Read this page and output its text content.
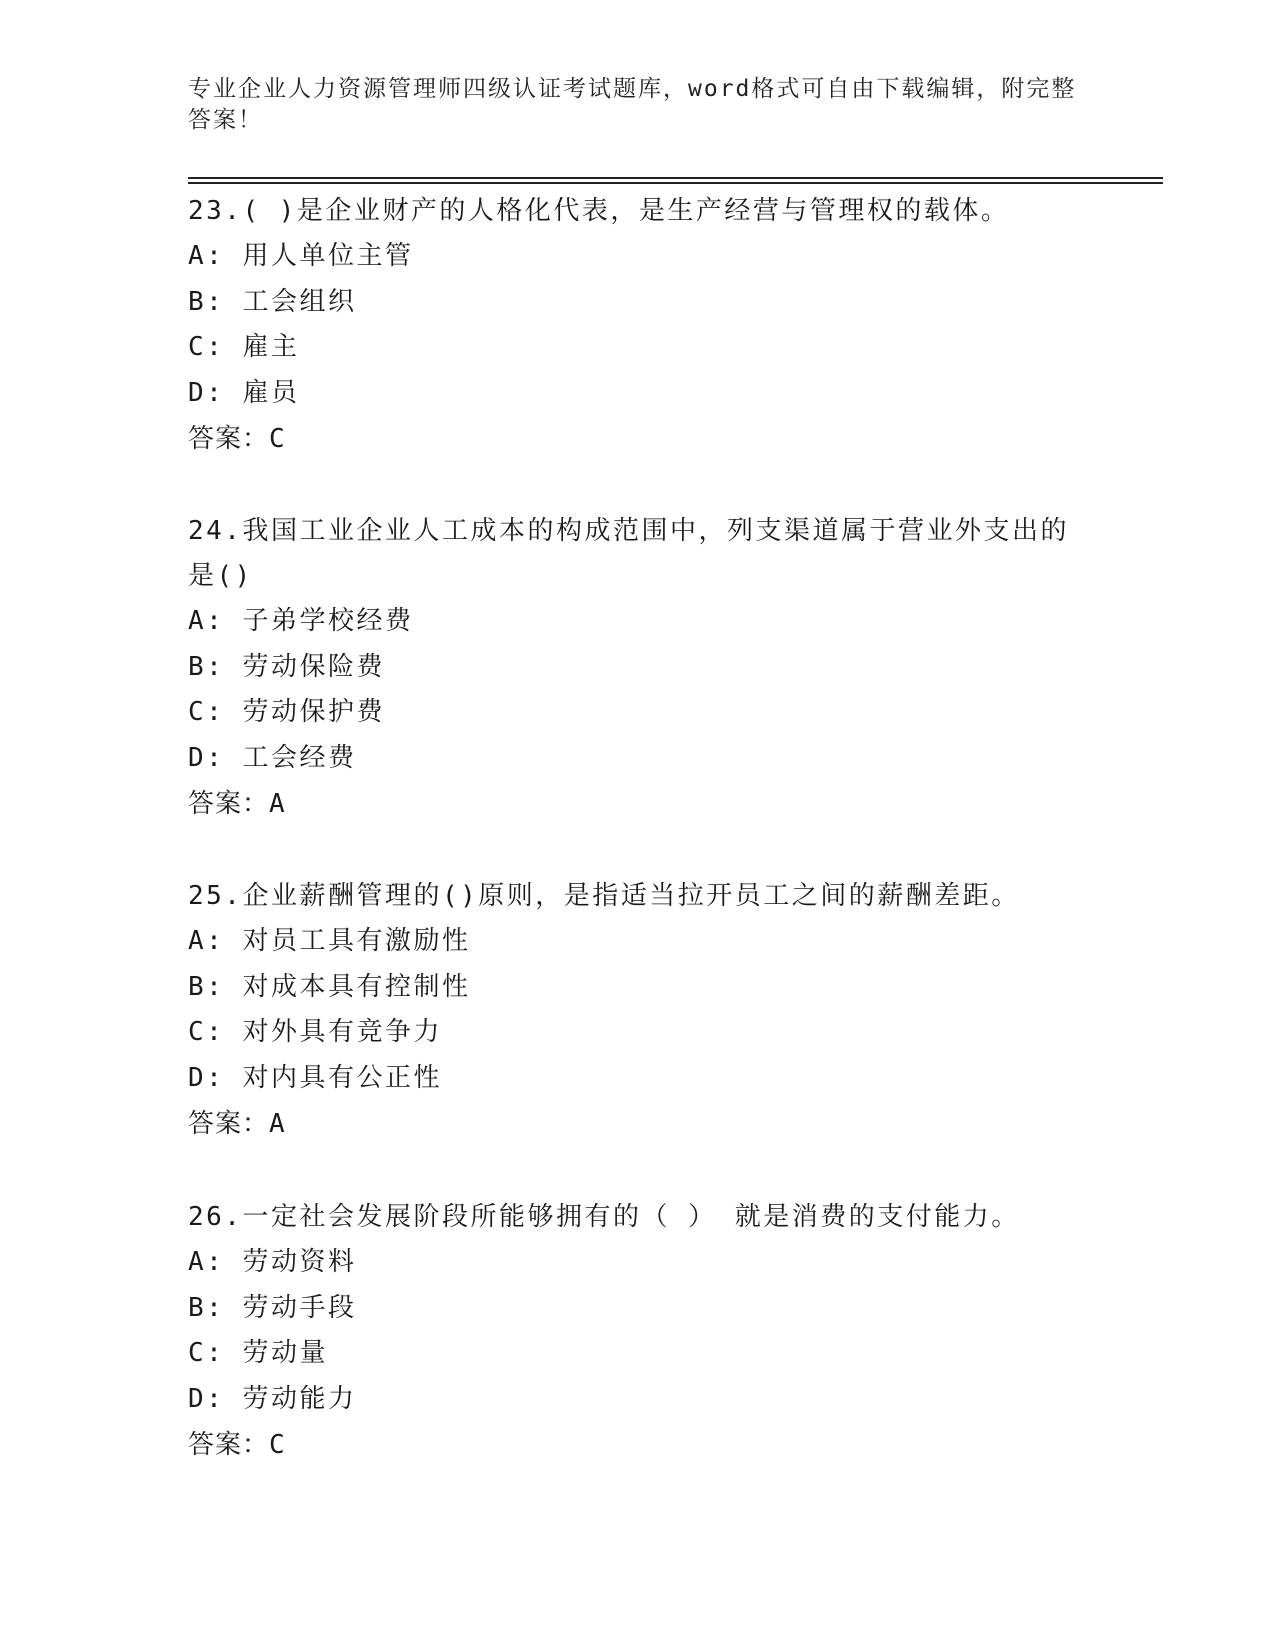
专业企业人力资源管理师四级认证考试题库，word格式可自由下载编辑，附完整
答案！

23.( )是企业财产的人格化代表，是生产经营与管理权的载体。

A: 用人单位主管

B: 工会组织

C: 雇主

D: 雇员

答案：C

24.我国工业企业人工成本的构成范围中，列支渠道属于营业外支出的

是()

A: 子弟学校经费

B: 劳动保险费

C: 劳动保护费

D: 工会经费

答案：A

25.企业薪酬管理的()原则，是指适当拉开员工之间的薪酬差距。

A: 对员工具有激励性

B: 对成本具有控制性

C: 对外具有竞争力

D: 对内具有公正性

答案：A

26.一定社会发展阶段所能够拥有的（ ） 就是消费的支付能力。

A: 劳动资料

B: 劳动手段

C: 劳动量

D: 劳动能力

答案：C
